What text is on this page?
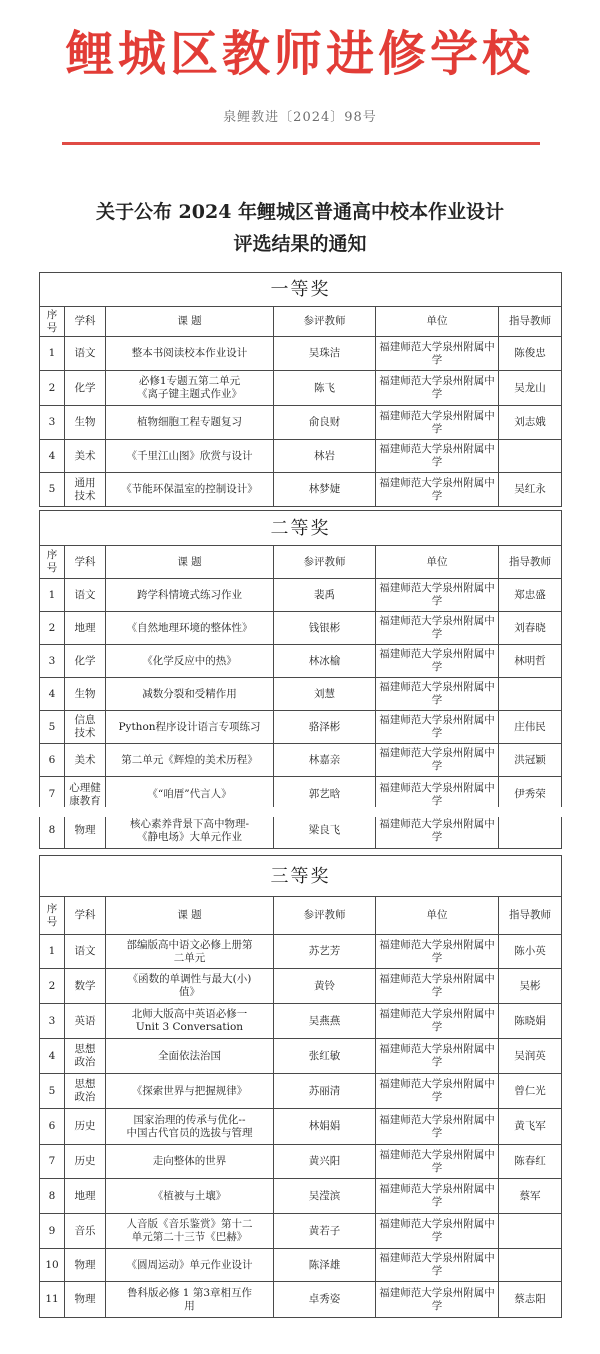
鲤城区教师进修学校
泉鲤教进〔2024〕98号
关于公布 2024 年鲤城区普通高中校本作业设计
评选结果的通知
一等奖					
序号	学科	课 题	参评教师	单位	指导教师
1	语文	整本书阅读校本作业设计	吴珠洁	福建师范大学泉州附属中学	陈俊忠
2	化学	必修1专题五第二单元
《离子键主题式作业》	陈飞	福建师范大学泉州附属中学	吴龙山
3	生物	植物细胞工程专题复习	俞良财	福建师范大学泉州附属中学	刘志娥
4	美术	《千里江山图》欣赏与设计	林岩	福建师范大学泉州附属中学	
5	通用
技术	《节能环保温室的控制设计》	林梦婕	福建师范大学泉州附属中学	吴红永
二等奖					
序号	学科	课 题	参评教师	单位	指导教师
1	语文	跨学科情境式练习作业	裴禹	福建师范大学泉州附属中学	郑忠盛
2	地理	《自然地理环境的整体性》	钱银彬	福建师范大学泉州附属中学	刘春晓
3	化学	《化学反应中的热》	林冰榆	福建师范大学泉州附属中学	林明哲
4	生物	减数分裂和受精作用	刘慧	福建师范大学泉州附属中学	
5	信息
技术	Python程序设计语言专项练习	骆泽彬	福建师范大学泉州附属中学	庄伟民
6	美术	第二单元《辉煌的美术历程》	林嘉亲	福建师范大学泉州附属中学	洪冠颖
7	心理健
康教育	《“咱厝”代言人》	郭艺晗	福建师范大学泉州附属中学	伊秀荣
8	物理	核心素养背景下高中物理-
《静电场》大单元作业	梁良飞	福建师范大学泉州附属中学	
三等奖					
序号	学科	课 题	参评教师	单位	指导教师
1	语文	部编版高中语文必修上册第
二单元	苏艺芳	福建师范大学泉州附属中学	陈小英
2	数学	《函数的单调性与最大(小)
值》	黄铃	福建师范大学泉州附属中学	吴彬
3	英语	北师大版高中英语必修一
Unit 3 Conversation	吴燕燕	福建师范大学泉州附属中学	陈晓娟
4	思想
政治	全面依法治国	张红敏	福建师范大学泉州附属中学	吴润英
5	思想
政治	《探索世界与把握规律》	苏丽清	福建师范大学泉州附属中学	曾仁光
6	历史	国家治理的传承与优化--
中国古代官员的选拔与管理	林娟娟	福建师范大学泉州附属中学	黄飞军
7	历史	走向整体的世界	黄兴阳	福建师范大学泉州附属中学	陈春红
8	地理	《植被与土壤》	吴滢滨	福建师范大学泉州附属中学	蔡军
9	音乐	人音版《音乐鉴赏》第十二
单元第二十三节《巴赫》	黄若子	福建师范大学泉州附属中学	
10	物理	《圆周运动》单元作业设计	陈泽雄	福建师范大学泉州附属中学	
11	物理	鲁科版必修 1 第3章相互作
用	卓秀姿	福建师范大学泉州附属中学	蔡志阳
